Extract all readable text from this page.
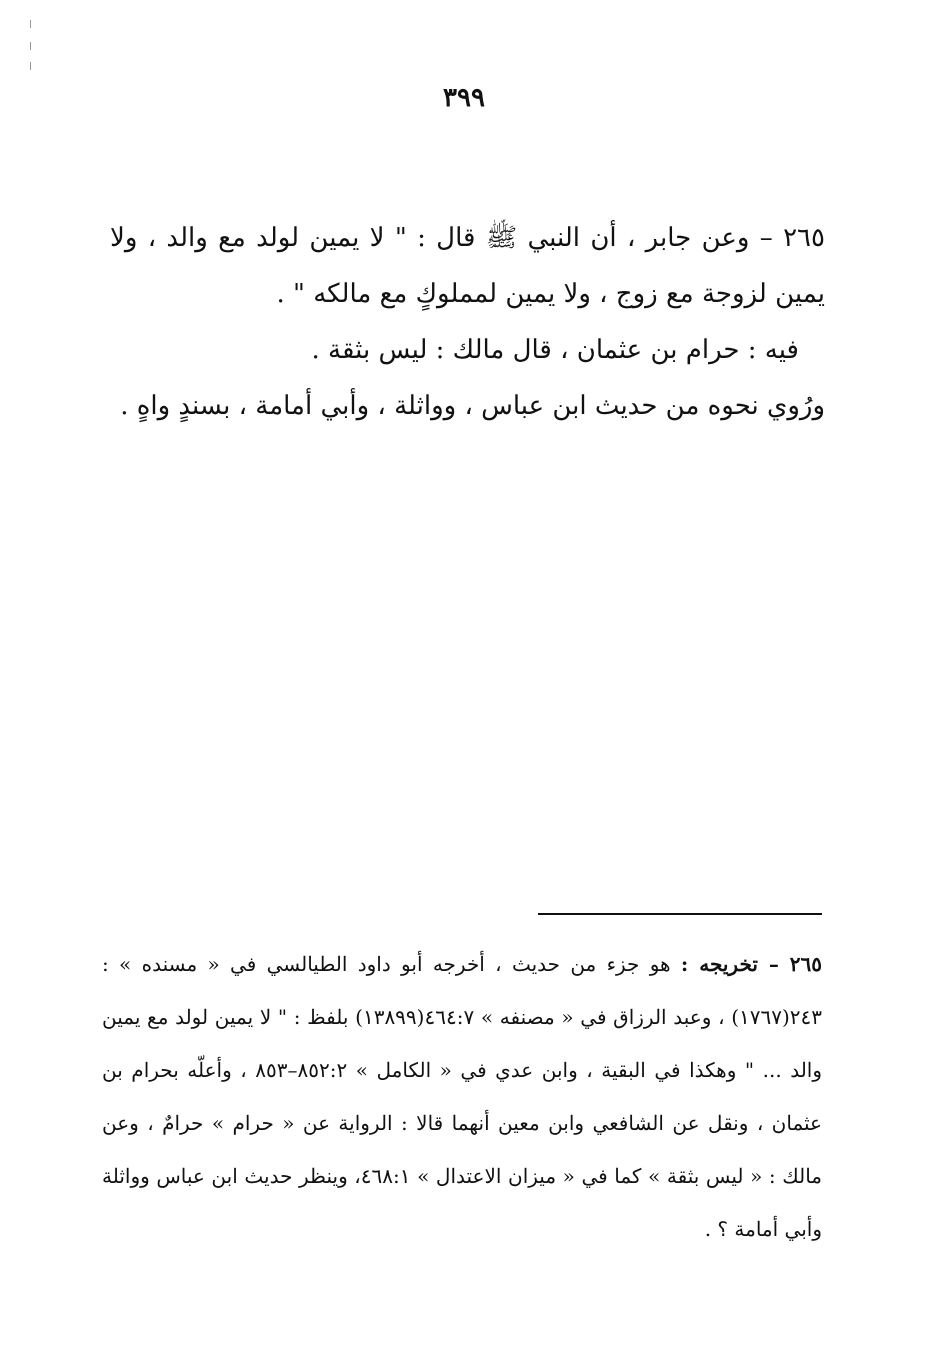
٣٩٩

٢٦٥ – وعن جابر ، أن النبي ﷺ قال : " لا يمين لولد مع والد ، ولا يمين لزوجة مع زوج ، ولا يمين لمملوكٍ مع مالكه " .

فيه : حرام بن عثمان ، قال مالك : ليس بثقة .

ورُوي نحوه من حديث ابن عباس ، وواثلة ، وأبي أمامة ، بسندٍ واهٍ .

٢٦٥ – تخريجه : هو جزء من حديث ، أخرجه أبو داود الطيالسي في « مسنده » : ٢٤٣(١٧٦٧) ، وعبد الرزاق في « مصنفه » ٤٦٤:٧(١٣٨٩٩) بلفظ : " لا يمين لولد مع يمين والد ... " وهكذا في البقية ، وابن عدي في « الكامل » ٨٥٢:٢–٨٥٣ ، وأعلّه بحرام بن عثمان ، ونقل عن الشافعي وابن معين أنهما قالا : الرواية عن « حرام » حرامٌ ، وعن مالك : « ليس بثقة » كما في « ميزان الاعتدال » ٤٦٨:١، وينظر حديث ابن عباس وواثلة وأبي أمامة ؟ .
